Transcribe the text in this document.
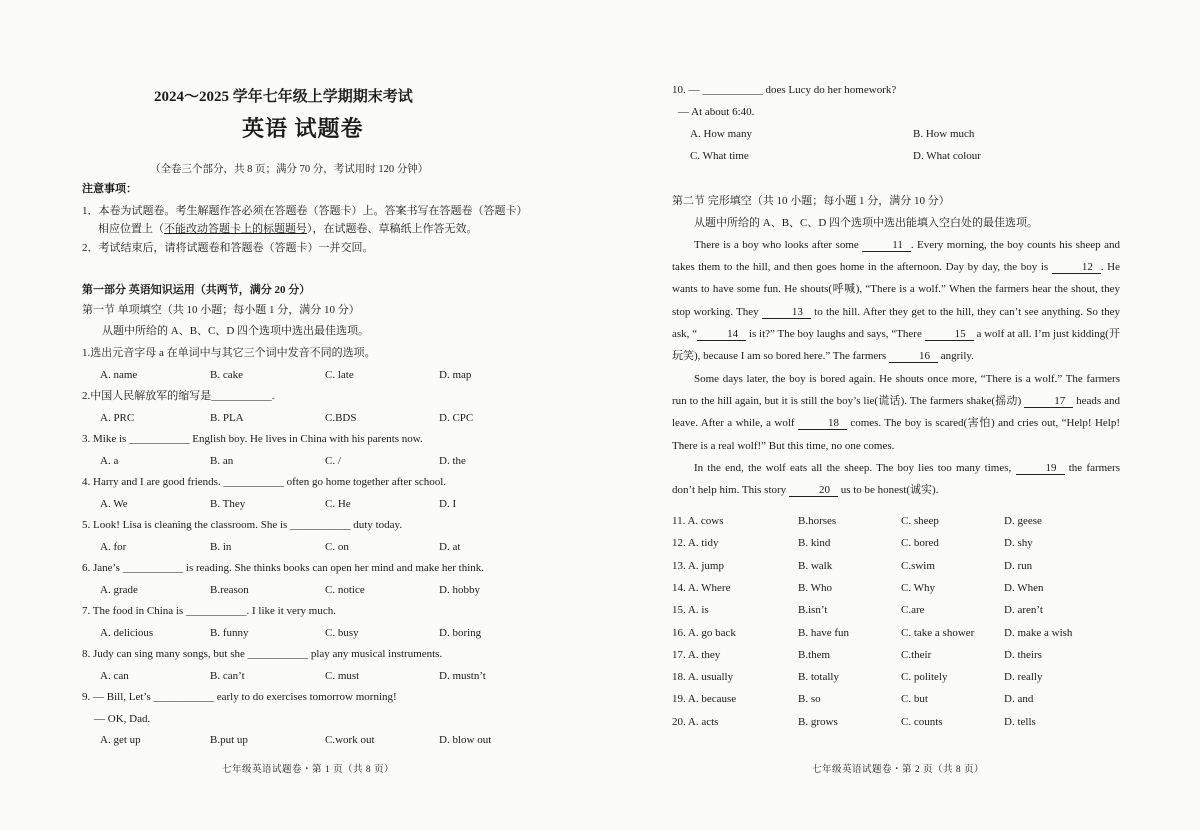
2024～2025 学年七年级上学期期末考试
英语 试题卷
（全卷三个部分，共 8 页；满分 70 分，考试用时 120 分钟）
注意事项：
1．本卷为试题卷。考生解题作答必须在答题卷（答题卡）上。答案书写在答题卷（答题卡）
相应位置上（不能改动答题卡上的标题题号），在试题卷、草稿纸上作答无效。
2．考试结束后，请将试题卷和答题卷（答题卡）一并交回。
第一部分 英语知识运用（共两节，满分 20 分）
第一节 单项填空（共 10 小题；每小题 1 分，满分 10 分）
从题中所给的 A、B、C、D 四个选项中选出最佳选项。
1.选出元音字母 a 在单词中与其它三个词中发音不同的选项。
A. name	B. cake	C. late	D. map
2.中国人民解放军的缩写是___________.
A. PRC	B. PLA	C.BDS	D. CPC
3. Mike is ___________ English boy. He lives in China with his parents now.
A. a	B. an	C. /	D. the
4. Harry and I are good friends. ___________ often go home together after school.
A. We	B. They	C. He	D. I
5. Look! Lisa is cleaning the classroom. She is ___________ duty today.
A. for	B. in	C. on	D. at
6. Jane’s ___________ is reading. She thinks books can open her mind and make her think.
A. grade	B.reason	C. notice	D. hobby
7. The food in China is ___________. I like it very much.
A. delicious	B. funny	C. busy	D. boring
8. Judy can sing many songs, but she ___________ play any musical instruments.
A. can	B. can’t	C. must	D. mustn’t
9. — Bill, Let’s ___________ early to do exercises tomorrow morning!
— OK, Dad.
A. get up	B.put up	C.work out	D. blow out
七年级英语试题卷・第 1 页（共 8 页）
10. — ___________ does Lucy do her homework?
— At about 6:40.
A. How many	B. How much
C. What time	D. What colour
第二节 完形填空（共 10 小题；每小题 1 分，满分 10 分）
从题中所给的 A、B、C、D 四个选项中选出能填入空白处的最佳选项。
There is a boy who looks after some	11 . Every morning, the boy counts his sheep and takes them to the hill, and then goes home in the afternoon. Day by day, the boy is	12 . He wants to have some fun. He shouts(呼喊), “There is a wolf.” When the farmers hear the shout, they stop working. They	13 to the hill. After they get to the hill, they can’t see anything. So they ask, “	14 is it?” The boy laughs and says, “There	15 a wolf at all. I’m just kidding(开玩笑), because I am so bored here.” The farmers	16 angrily.
Some days later, the boy is bored again. He shouts once more, “There is a wolf.” The farmers run to the hill again, but it is still the boy’s lie(谎话). The farmers shake(摇动)	17 heads and leave. After a while, a wolf	18 comes. The boy is scared(害怕) and cries out, “Help! Help! There is a real wolf!” But this time, no one comes.
In the end, the wolf eats all the sheep. The boy lies too many times,	19 the farmers don’t help him. This story	20 us to be honest(诚实).
11. A. cows	B.horses	C. sheep	D. geese
12. A. tidy	B. kind	C. bored	D. shy
13. A. jump	B. walk	C.swim	D. run
14. A. Where	B. Who	C. Why	D. When
15. A. is	B.isn’t	C.are	D. aren’t
16. A. go back	B. have fun	C. take a shower	D. make a wish
17. A. they	B.them	C.their	D. theirs
18. A. usually	B. totally	C. politely	D. really
19. A. because	B. so	C. but	D. and
20. A. acts	B. grows	C. counts	D. tells
七年级英语试题卷・第 2 页（共 8 页）
